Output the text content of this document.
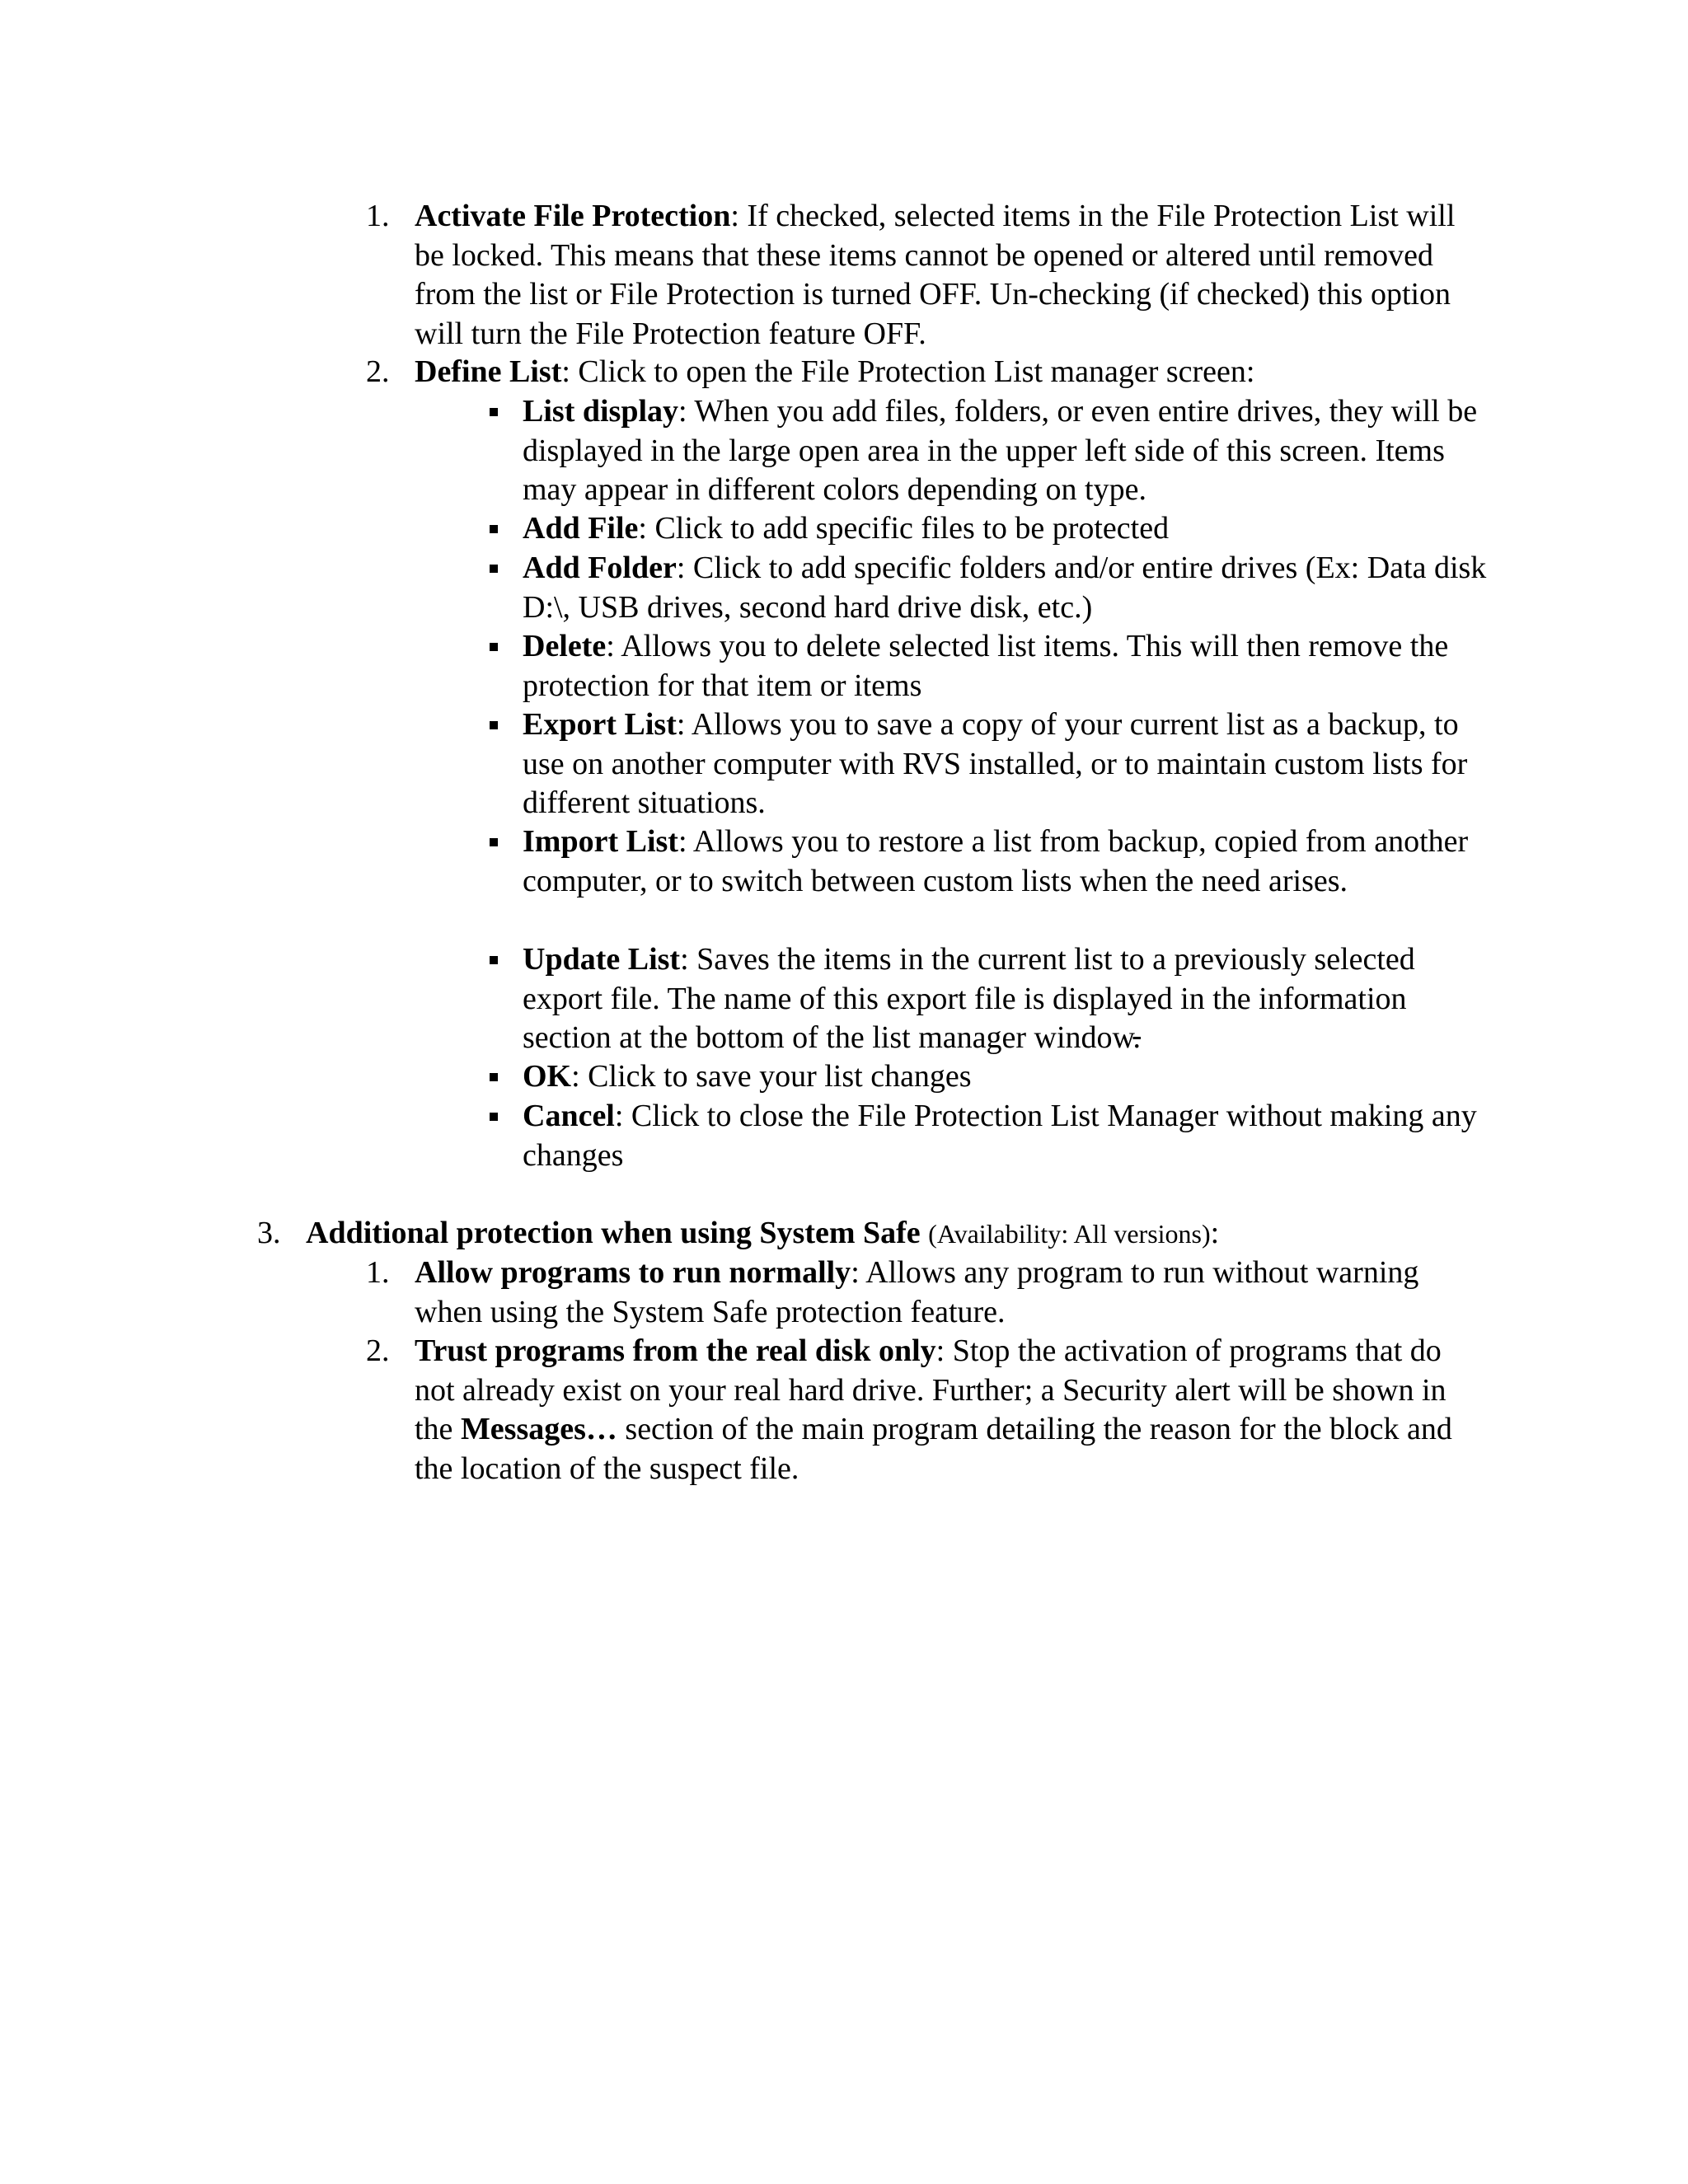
1. Activate File Protection: If checked, selected items in the File Protection List will be locked. This means that these items cannot be opened or altered until removed from the list or File Protection is turned OFF. Un-checking (if checked) this option will turn the File Protection feature OFF.
2. Define List: Click to open the File Protection List manager screen:
List display: When you add files, folders, or even entire drives, they will be displayed in the large open area in the upper left side of this screen. Items may appear in different colors depending on type.
Add File: Click to add specific files to be protected
Add Folder: Click to add specific folders and/or entire drives (Ex: Data disk D:\, USB drives, second hard drive disk, etc.)
Delete: Allows you to delete selected list items. This will then remove the protection for that item or items
Export List: Allows you to save a copy of your current list as a backup, to use on another computer with RVS installed, or to maintain custom lists for different situations.
Import List: Allows you to restore a list from backup, copied from another computer, or to switch between custom lists when the need arises.
Update List: Saves the items in the current list to a previously selected export file. The name of this export file is displayed in the information section at the bottom of the list manager window.
OK: Click to save your list changes
Cancel: Click to close the File Protection List Manager without making any changes
3. Additional protection when using System Safe (Availability: All versions):
1. Allow programs to run normally: Allows any program to run without warning when using the System Safe protection feature.
2. Trust programs from the real disk only: Stop the activation of programs that do not already exist on your real hard drive. Further; a Security alert will be shown in the Messages… section of the main program detailing the reason for the block and the location of the suspect file.
